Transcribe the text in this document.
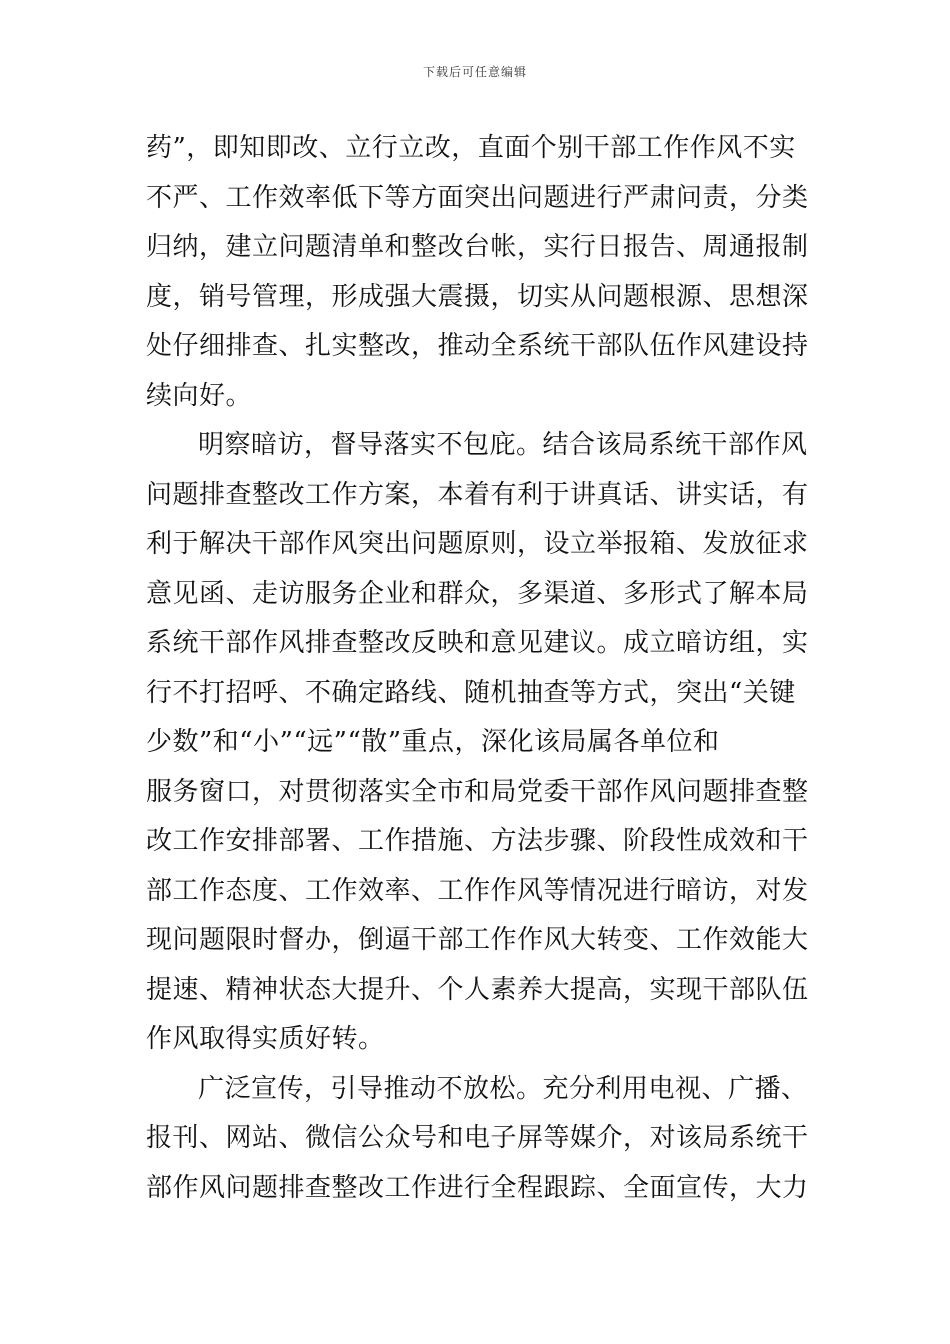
下载后可任意编辑
药”，即知即改、立行立改，直面个别干部工作作风不实
不严、工作效率低下等方面突出问题进行严肃问责，分类
归纳，建立问题清单和整改台帐，实行日报告、周通报制
度，销号管理，形成强大震摄，切实从问题根源、思想深
处仔细排查、扎实整改，推动全系统干部队伍作风建设持
续向好。
明察暗访，督导落实不包庇。结合该局系统干部作风
问题排查整改工作方案，本着有利于讲真话、讲实话，有
利于解决干部作风突出问题原则，设立举报箱、发放征求
意见函、走访服务企业和群众，多渠道、多形式了解本局
系统干部作风排查整改反映和意见建议。成立暗访组，实
行不打招呼、不确定路线、随机抽查等方式，突出“关键
少数”和“小”“远”“散”重点，深化该局属各单位和
服务窗口，对贯彻落实全市和局党委干部作风问题排查整
改工作安排部署、工作措施、方法步骤、阶段性成效和干
部工作态度、工作效率、工作作风等情况进行暗访，对发
现问题限时督办，倒逼干部工作作风大转变、工作效能大
提速、精神状态大提升、个人素养大提高，实现干部队伍
作风取得实质好转。
广泛宣传，引导推动不放松。充分利用电视、广播、
报刊、网站、微信公众号和电子屏等媒介，对该局系统干
部作风问题排查整改工作进行全程跟踪、全面宣传，大力
